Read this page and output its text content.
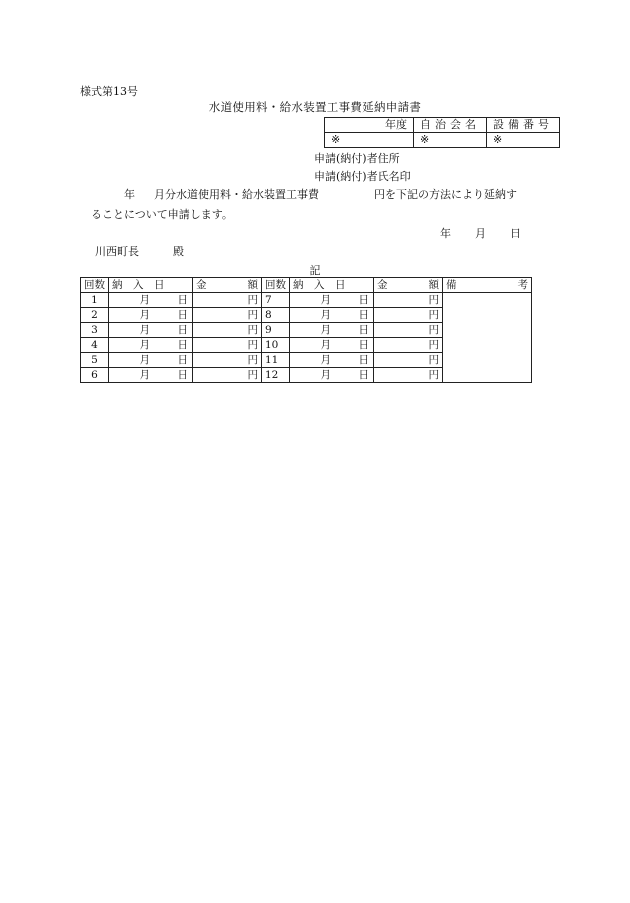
様式第13号
水道使用料・給水装置工事費延納申請書
年度	自治会名	設備番号
※	※	※
申請(納付)者住所
申請(納付)者氏名印
年 月分水道使用料・給水装置工事費	円を下記の方法により延納す
ることについて申請します。
年 月 日
川西町長	殿
記
回数	納　入　日	金 額	回数	納　入　日	金 額	備 考

1	月 日	円	7	月 日	円	
2	月 日	円	8	月 日	円	
3	月 日	円	9	月 日	円	
4	月 日	円	10	月 日	円	
5	月 日	円	11	月 日	円	
6	月 日	円	12	月 日	円	
